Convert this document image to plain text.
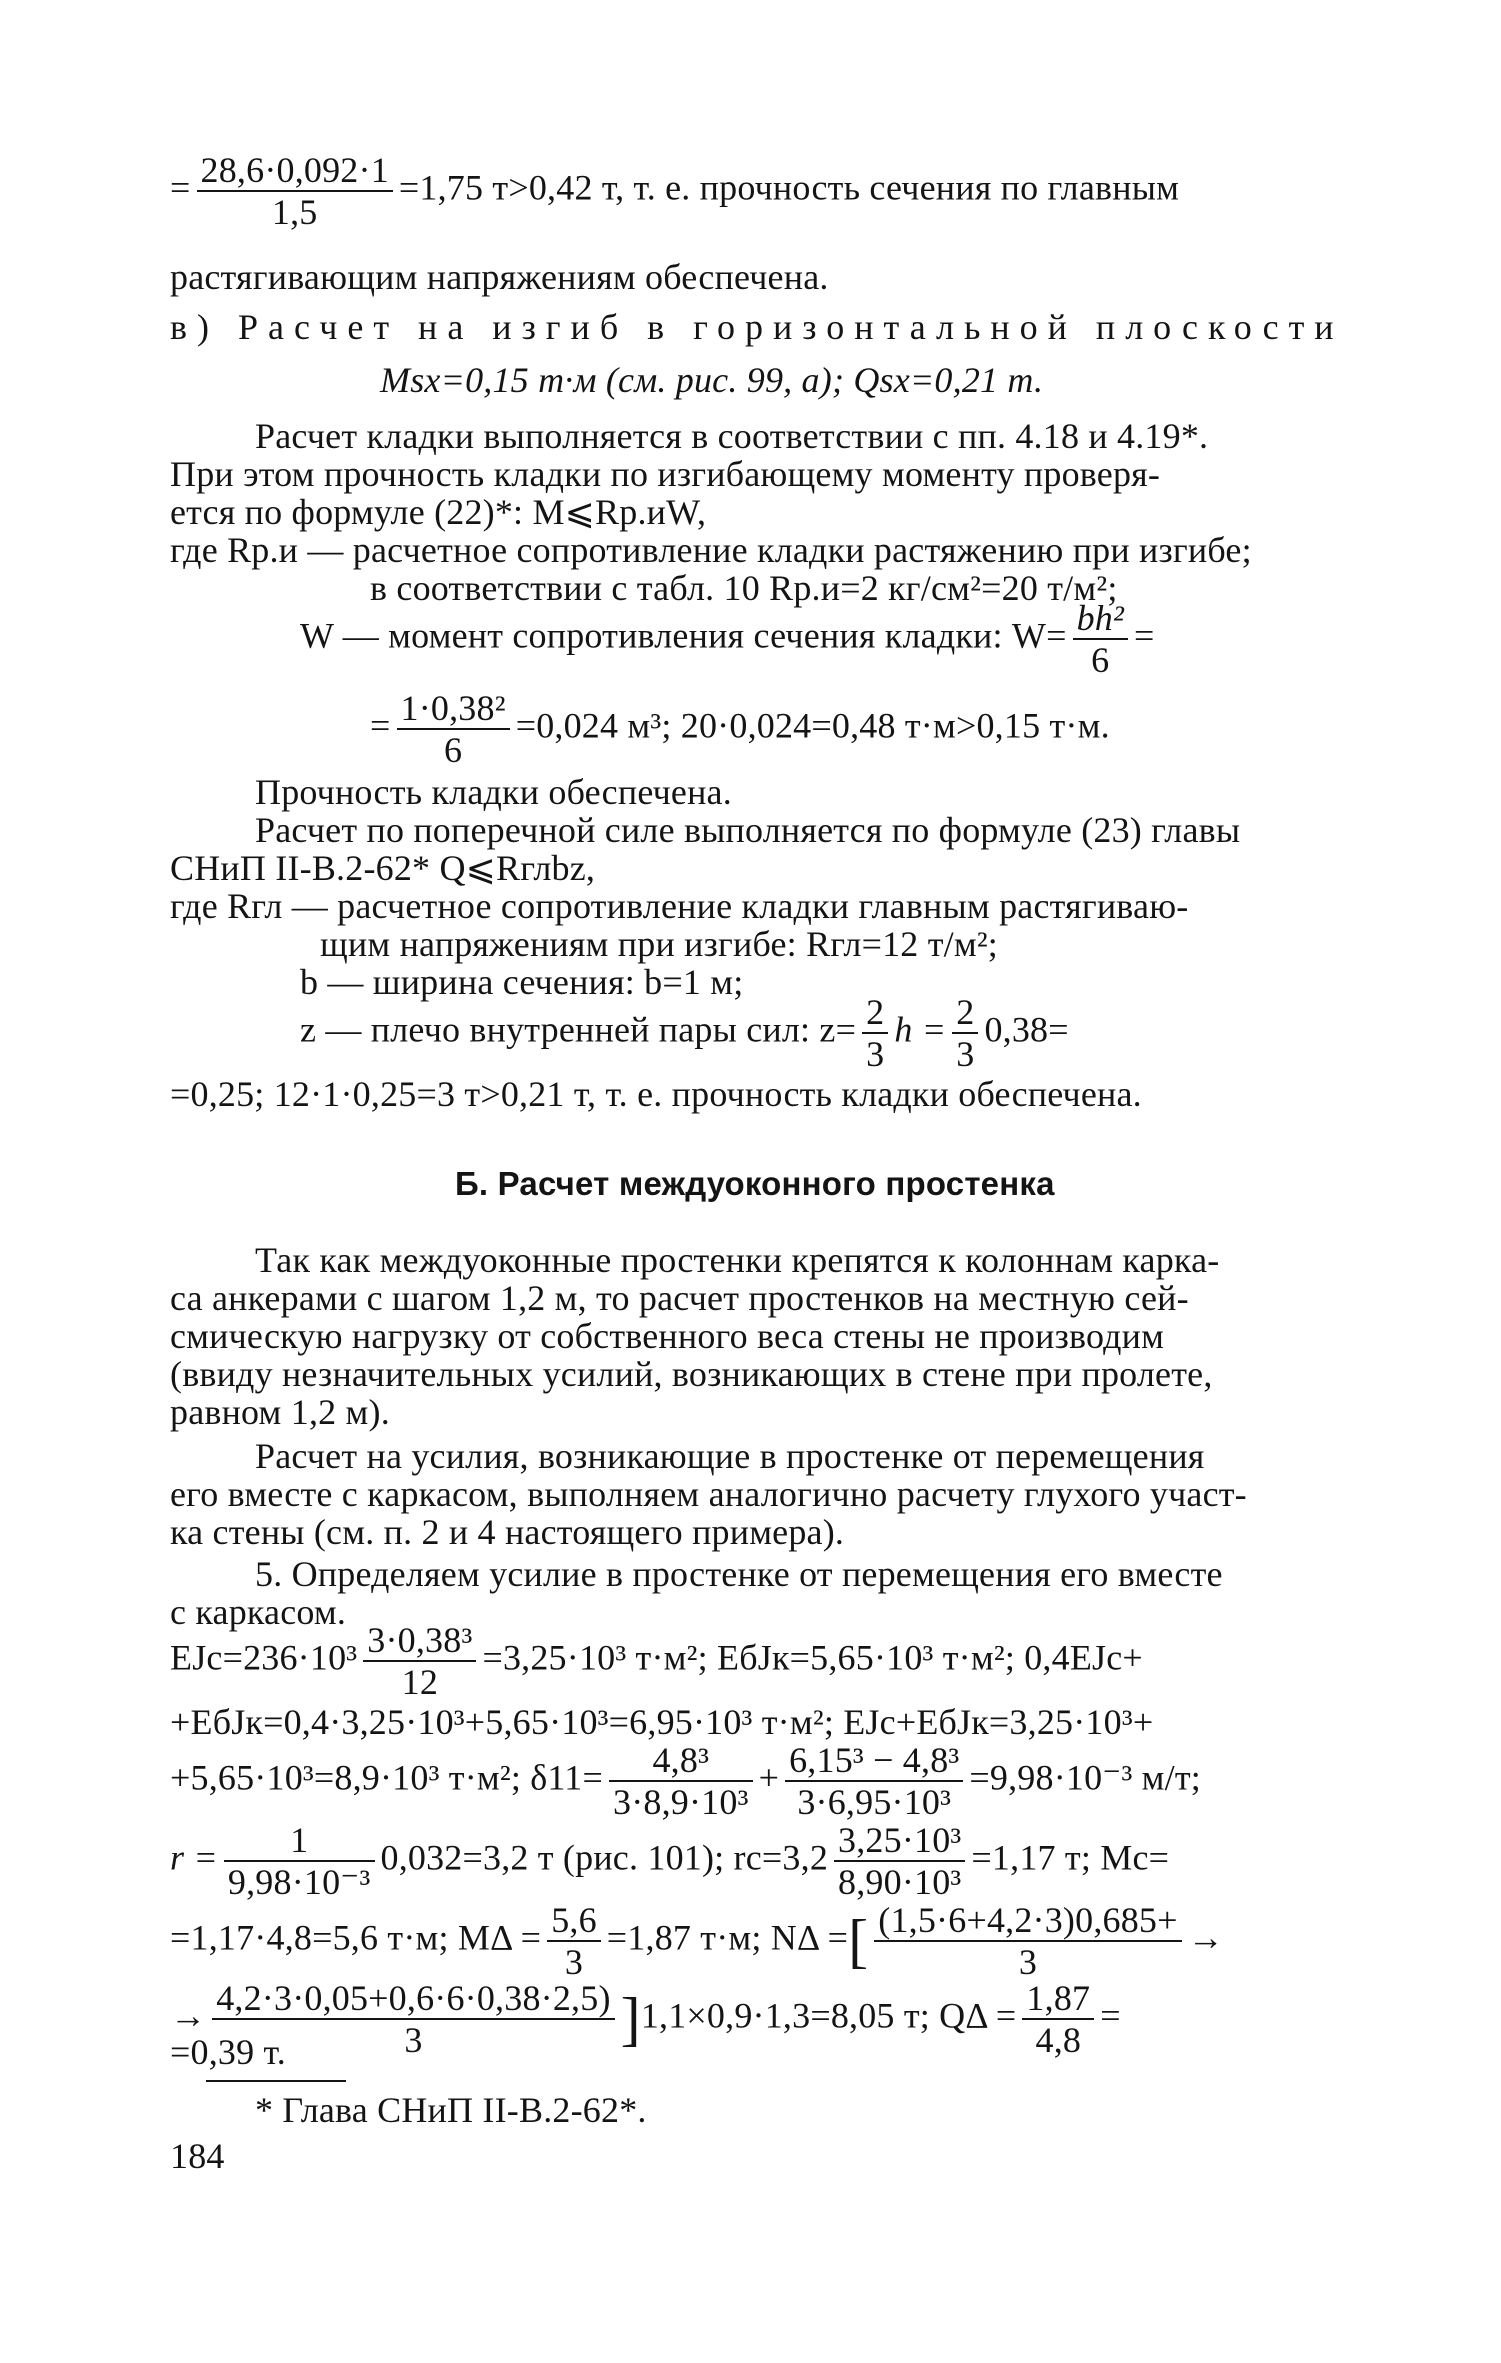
= $\frac{28,6\cdot 0,092\cdot 1}{1,5} =1,75$ т>0,42 т, т. е. прочность сечения по главным

растягивающим напряжениям обеспечена.

в) Расчет на изгиб в горизонтальной плоскости

Msx=0,15 т·м (см. рис. 99, а); Qsx=0,21 т.

Расчет кладки выполняется в соответствии с пп. 4.18 и 4.19*.

При этом прочность кладки по изгибающему моменту проверя-

ется по формуле (22)*: M⩽Rр.иW,

где Rр.и — расчетное сопротивление кладки растяжению при изгибе;

в соответствии с табл. 10 Rр.и=2 кг/см²=20 т/м²;

W — момент сопротивления сечения кладки: $W= \frac{\text{bh²}}{6}$ =

= $\frac{\text{1·0,38²}}{6} =0,024$ м³; 20·0,024=0,48 т·м>0,15 т·м.

Прочность кладки обеспечена.

Расчет по поперечной силе выполняется по формуле (23) главы

СНиП II-В.2-62* Q⩽Rглbz,

где Rгл — расчетное сопротивление кладки главным растягиваю-

щим напряжениям при изгибе: Rгл=12 т/м²;

b — ширина сечения: b=1 м;

z — плечо внутренней пары сил: $z= \frac{2}{3}$ $h = \frac{2}{3} 0,38=$

=0,25; 12·1·0,25=3 т>0,21 т, т. е. прочность кладки обеспечена.

Б. Расчет междуоконного простенка

Так как междуоконные простенки крепятся к колоннам карка-

са анкерами с шагом 1,2 м, то расчет простенков на местную сей-

смическую нагрузку от собственного веса стены не производим

(ввиду незначительных усилий, возникающих в стене при пролете,

равном 1,2 м).

Расчет на усилия, возникающие в простенке от перемещения

его вместе с каркасом, выполняем аналогично расчету глухого участ-

ка стены (см. п. 2 и 4 настоящего примера).

5. Определяем усилие в простенке от перемещения его вместе

с каркасом.

$EJс=236\cdot 10^3 \frac{\text{3·0,38³}}{12} =3,25\cdot 10^3$ т·м²; EбJк=5,65·10³ т·м²; 0,4EJс+

+EбJк=0,4·3,25·10³+5,65·10³=6,95·10³ т·м²; EJс+EбJк=3,25·10³+

+5,65·10³=8,9·10³ т·м²; $\delta 11= \frac{\text{4,8³}}{\text{3·8,9·10³}} + \frac{\text{6,15³ − 4,8³}}{\text{3·6,95·10³}} =9,98\cdot 10^{-3}$ м/т;

$r = \frac{1}{\text{9,98·10⁻³}} 0,032=3,2$ т (рис. 101); $rс=3,2 \frac{\text{3,25·10³}}{\text{8,90·10³}} =1,17$ т; Mс=

=1,17·4,8=5,6 т·м; $M\Delta = \frac{5,6}{3} =1,87$ т·м; NΔ =[ $\frac{(1,5\cdot 6+4,2\cdot 3)0,685+}{3}$ →

→ $\frac{4,2\cdot 3\cdot 0,05+0,6\cdot 6\cdot 0,38\cdot 2,5)}{3} ]1,1\times 0,9\cdot 1,3=8,05$ т; $Q\Delta = \frac{1,87}{4,8}$ =

=0,39 т.

* Глава СНиП II-В.2-62*.

184
